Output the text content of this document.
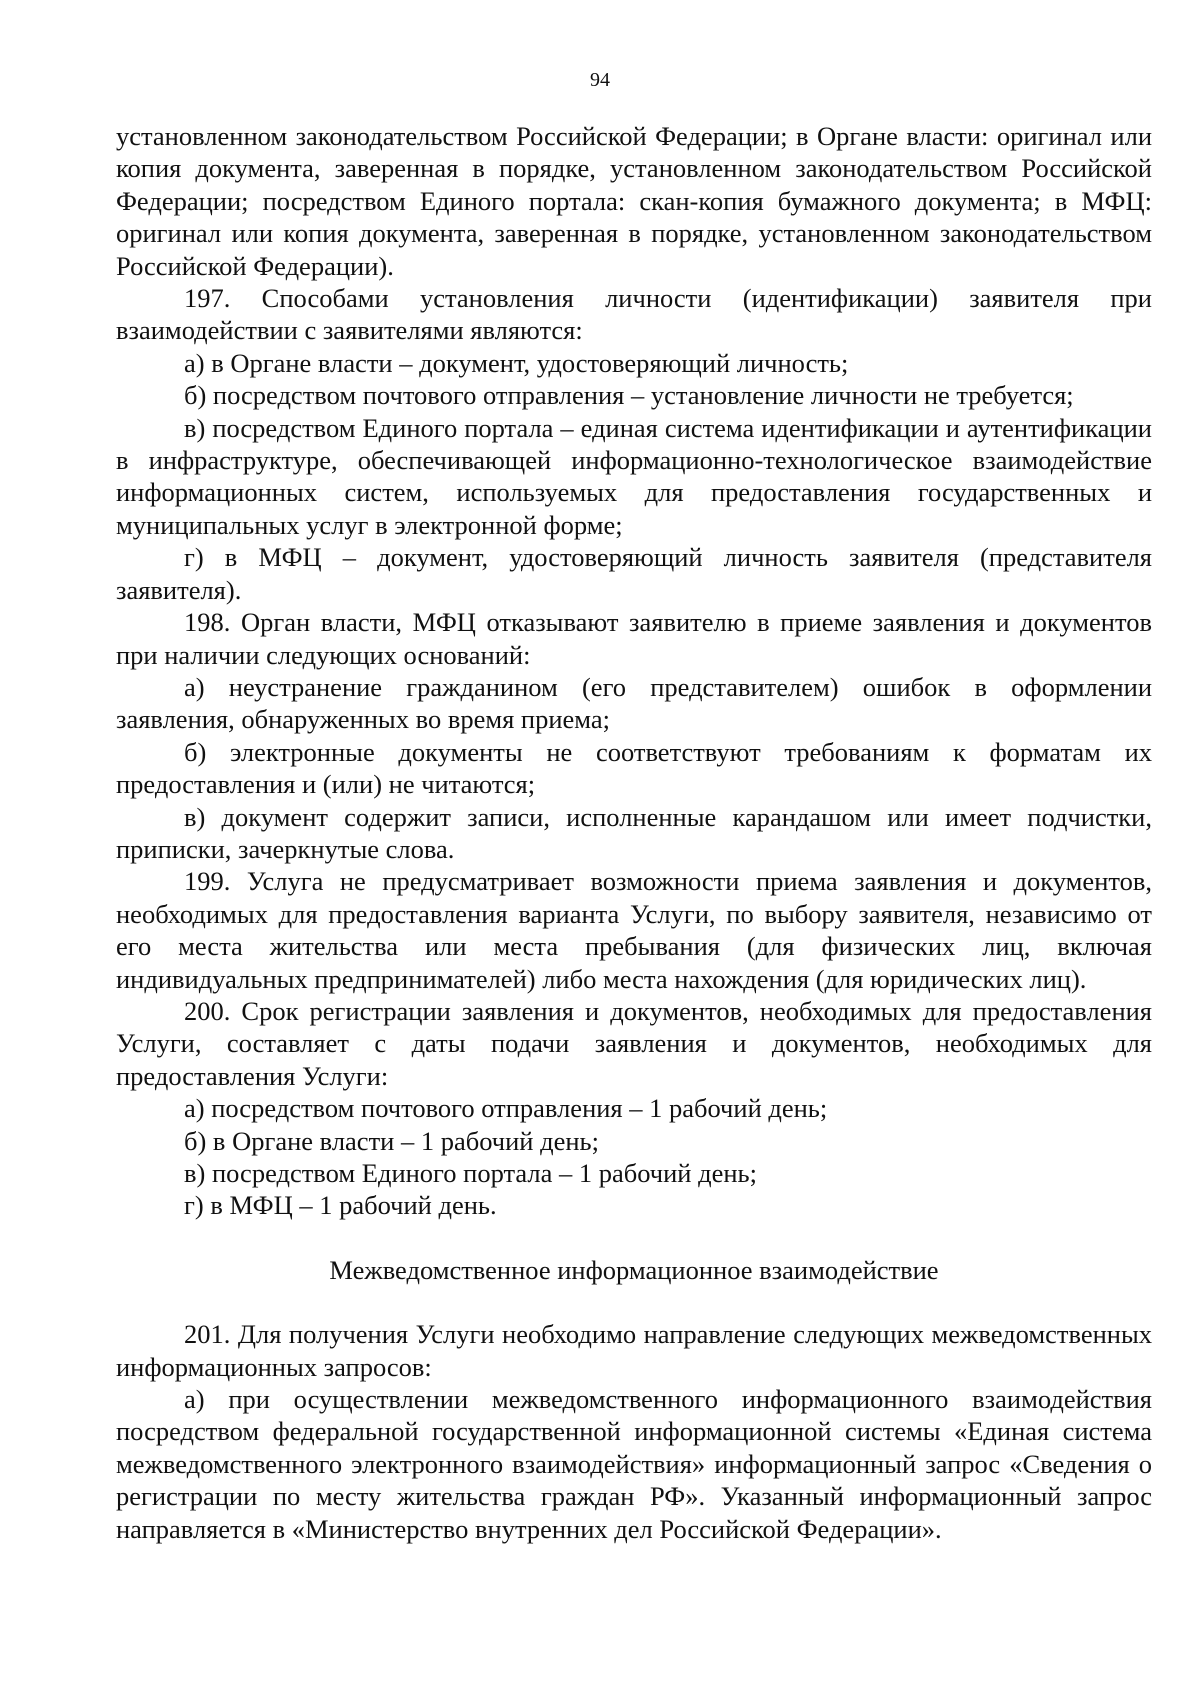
94

установленном законодательством Российской Федерации; в Органе власти: оригинал или копия документа, заверенная в порядке, установленном законодательством Российской Федерации; посредством Единого портала: скан-копия бумажного документа; в МФЦ: оригинал или копия документа, заверенная в порядке, установленном законодательством Российской Федерации).

197. Способами установления личности (идентификации) заявителя при взаимодействии с заявителями являются:

а) в Органе власти – документ, удостоверяющий личность;

б) посредством почтового отправления – установление личности не требуется;

в) посредством Единого портала – единая система идентификации и аутентификации в инфраструктуре, обеспечивающей информационно-технологическое взаимодействие информационных систем, используемых для предоставления государственных и муниципальных услуг в электронной форме;

г) в МФЦ – документ, удостоверяющий личность заявителя (представителя заявителя).

198. Орган власти, МФЦ отказывают заявителю в приеме заявления и документов при наличии следующих оснований:

а) неустранение гражданином (его представителем) ошибок в оформлении заявления, обнаруженных во время приема;

б) электронные документы не соответствуют требованиям к форматам их предоставления и (или) не читаются;

в) документ содержит записи, исполненные карандашом или имеет подчистки, приписки, зачеркнутые слова.

199. Услуга не предусматривает возможности приема заявления и документов, необходимых для предоставления варианта Услуги, по выбору заявителя, независимо от его места жительства или места пребывания (для физических лиц, включая индивидуальных предпринимателей) либо места нахождения (для юридических лиц).

200. Срок регистрации заявления и документов, необходимых для предоставления Услуги, составляет с даты подачи заявления и документов, необходимых для предоставления Услуги:

а) посредством почтового отправления – 1 рабочий день;

б) в Органе власти – 1 рабочий день;

в) посредством Единого портала – 1 рабочий день;

г) в МФЦ – 1 рабочий день.

Межведомственное информационное взаимодействие

201. Для получения Услуги необходимо направление следующих межведомственных информационных запросов:

а) при осуществлении межведомственного информационного взаимодействия посредством федеральной государственной информационной системы «Единая система межведомственного электронного взаимодействия» информационный запрос «Сведения о регистрации по месту жительства граждан РФ». Указанный информационный запрос направляется в «Министерство внутренних дел Российской Федерации».
